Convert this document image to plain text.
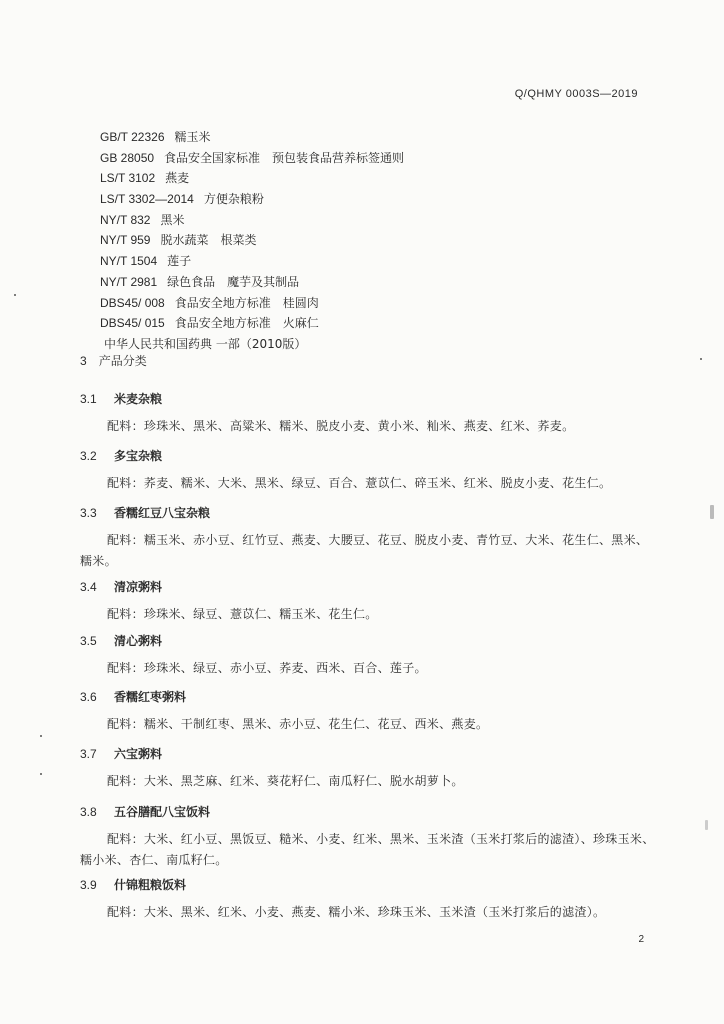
Q/QHMY 0003S—2019
GB/T 22326 糯玉米
GB 28050 食品安全国家标准　预包装食品营养标签通则
LS/T 3102 燕麦
LS/T 3302—2014 方便杂粮粉
NY/T 832 黑米
NY/T 959 脱水蔬菜　根菜类
NY/T 1504 莲子
NY/T 2981 绿色食品　魔芋及其制品
DBS45/ 008 食品安全地方标准　桂圆肉
DBS45/ 015 食品安全地方标准　火麻仁
中华人民共和国药典 一部（2010版）
3 产品分类
3.1 米麦杂粮
配料：珍珠米、黑米、高粱米、糯米、脱皮小麦、黄小米、籼米、燕麦、红米、荞麦。
3.2 多宝杂粮
配料：荞麦、糯米、大米、黑米、绿豆、百合、薏苡仁、碎玉米、红米、脱皮小麦、花生仁。
3.3 香糯红豆八宝杂粮
配料：糯玉米、赤小豆、红竹豆、燕麦、大腰豆、花豆、脱皮小麦、青竹豆、大米、花生仁、黑米、糯米。
3.4 清凉粥料
配料：珍珠米、绿豆、薏苡仁、糯玉米、花生仁。
3.5 清心粥料
配料：珍珠米、绿豆、赤小豆、荞麦、西米、百合、莲子。
3.6 香糯红枣粥料
配料：糯米、干制红枣、黑米、赤小豆、花生仁、花豆、西米、燕麦。
3.7 六宝粥料
配料：大米、黑芝麻、红米、葵花籽仁、南瓜籽仁、脱水胡萝卜。
3.8 五谷膳配八宝饭料
配料：大米、红小豆、黑饭豆、糙米、小麦、红米、黑米、玉米渣（玉米打浆后的滤渣）、珍珠玉米、糯小米、杏仁、南瓜籽仁。
3.9 什锦粗粮饭料
配料：大米、黑米、红米、小麦、燕麦、糯小米、珍珠玉米、玉米渣（玉米打浆后的滤渣）。
2
